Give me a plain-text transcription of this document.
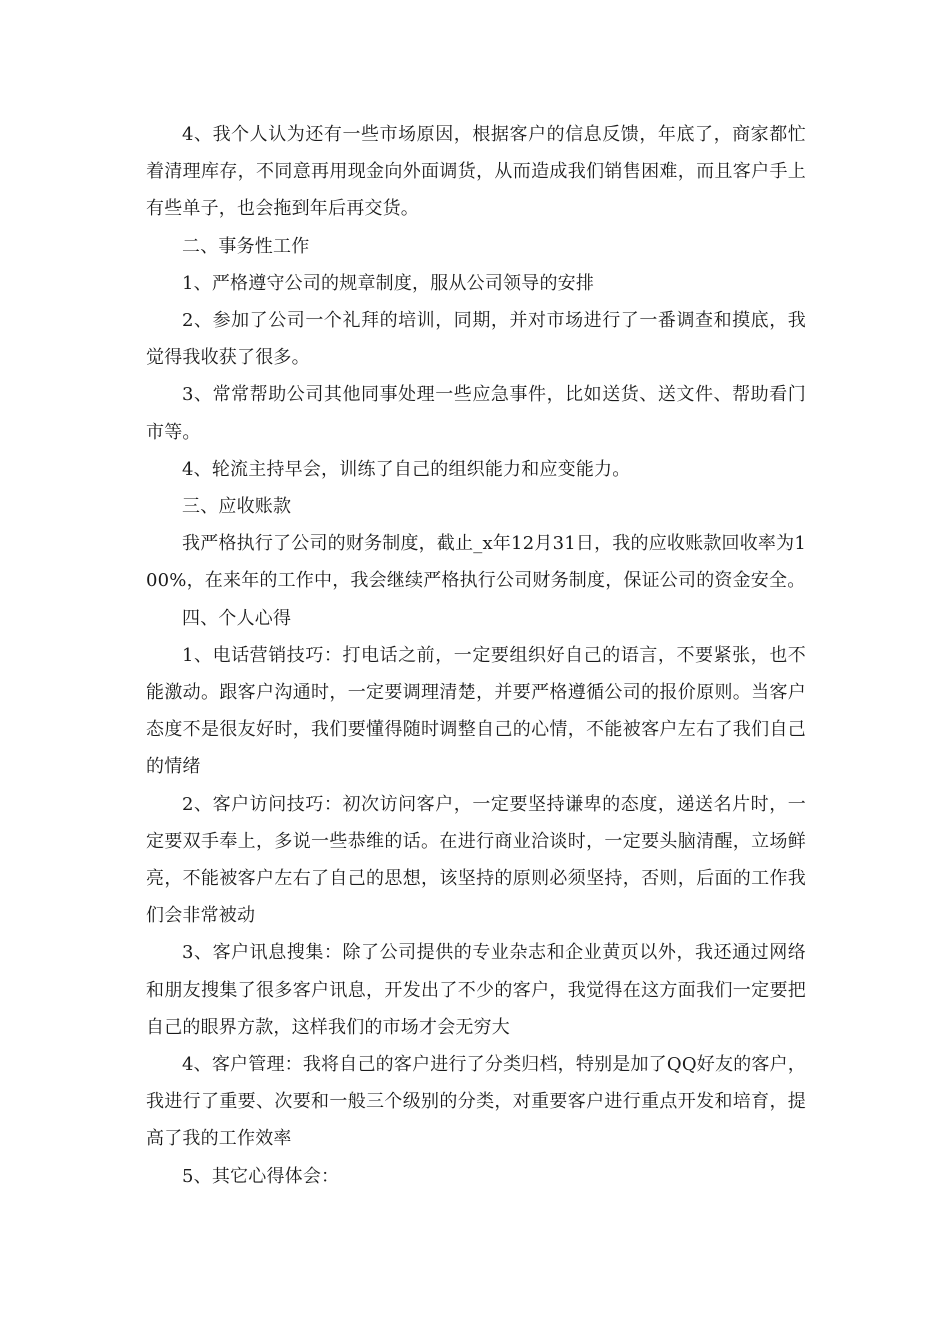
4、我个人认为还有一些市场原因，根据客户的信息反馈，年底了，商家都忙着清理库存，不同意再用现金向外面调货，从而造成我们销售困难，而且客户手上有些单子，也会拖到年后再交货。

二、事务性工作

1、严格遵守公司的规章制度，服从公司领导的安排

2、参加了公司一个礼拜的培训，同期，并对市场进行了一番调查和摸底，我觉得我收获了很多。

3、常常帮助公司其他同事处理一些应急事件，比如送货、送文件、帮助看门市等。

4、轮流主持早会，训练了自己的组织能力和应变能力。

三、应收账款

我严格执行了公司的财务制度，截止_x年12月31日，我的应收账款回收率为100%，在来年的工作中，我会继续严格执行公司财务制度，保证公司的资金安全。

四、个人心得

1、电话营销技巧：打电话之前，一定要组织好自己的语言，不要紧张，也不能激动。跟客户沟通时，一定要调理清楚，并要严格遵循公司的报价原则。当客户态度不是很友好时，我们要懂得随时调整自己的心情，不能被客户左右了我们自己的情绪

2、客户访问技巧：初次访问客户，一定要坚持谦卑的态度，递送名片时，一定要双手奉上，多说一些恭维的话。在进行商业洽谈时，一定要头脑清醒，立场鲜亮，不能被客户左右了自己的思想，该坚持的原则必须坚持，否则，后面的工作我们会非常被动

3、客户讯息搜集：除了公司提供的专业杂志和企业黄页以外，我还通过网络和朋友搜集了很多客户讯息，开发出了不少的客户，我觉得在这方面我们一定要把自己的眼界方款，这样我们的市场才会无穷大

4、客户管理：我将自己的客户进行了分类归档，特别是加了QQ好友的客户，我进行了重要、次要和一般三个级别的分类，对重要客户进行重点开发和培育，提高了我的工作效率

5、其它心得体会：
